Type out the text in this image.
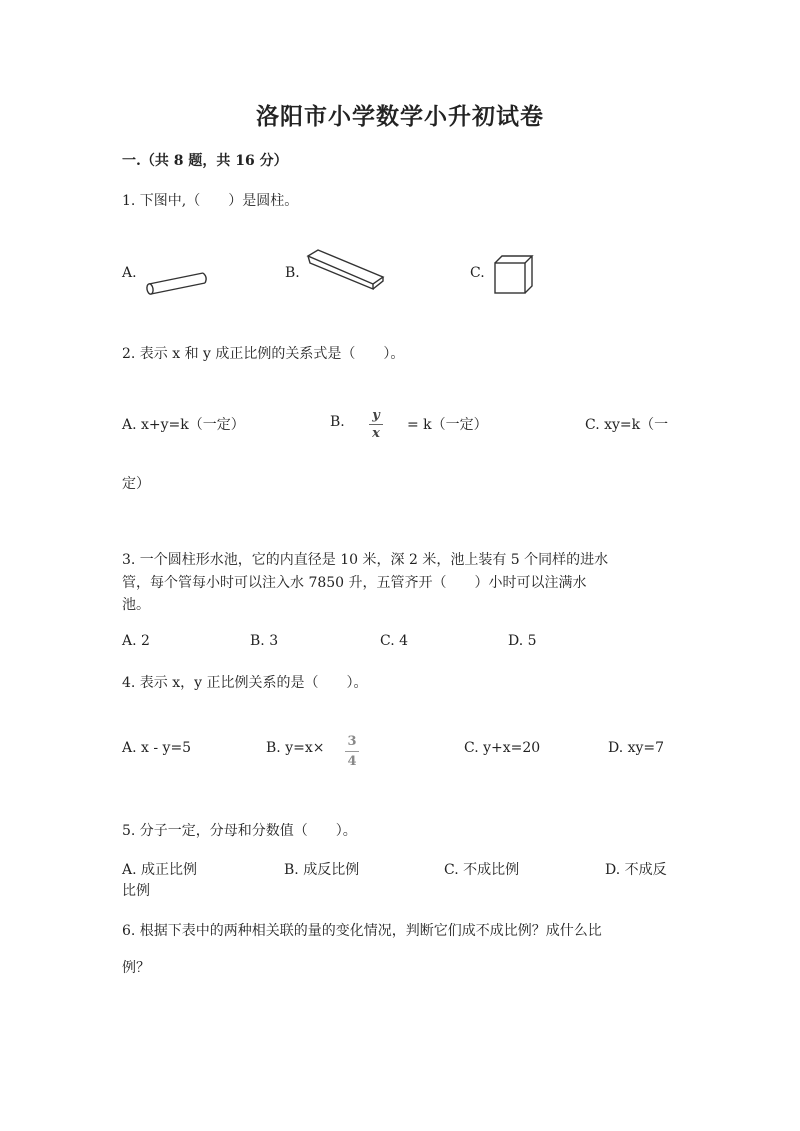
洛阳市小学数学小升初试卷
一.（共 8 题，共 16 分）
1. 下图中,（　　）是圆柱。
A.	B.	C.
2. 表示 x 和 y 成正比例的关系式是（　　）。
A. x+y=k（一定）	B. y
x
= k（一定）	C. xy=k（一
定）
3. 一个圆柱形水池，它的内直径是 10 米，深 2 米，池上装有 5 个同样的进水
管，每个管每小时可以注入水 7850 升，五管齐开（　　）小时可以注满水
池。
A. 2	B. 3	C. 4	D. 5
4. 表示 x，y 正比例关系的是（　　）。
A. x - y=5	B. y=x× 3
4
C. y+x=20	D. xy=7
5. 分子一定，分母和分数值（　　）。
A. 成正比例	B. 成反比例	C. 不成比例	D. 不成反
比例
6. 根据下表中的两种相关联的量的变化情况，判断它们成不成比例？成什么比
例？
